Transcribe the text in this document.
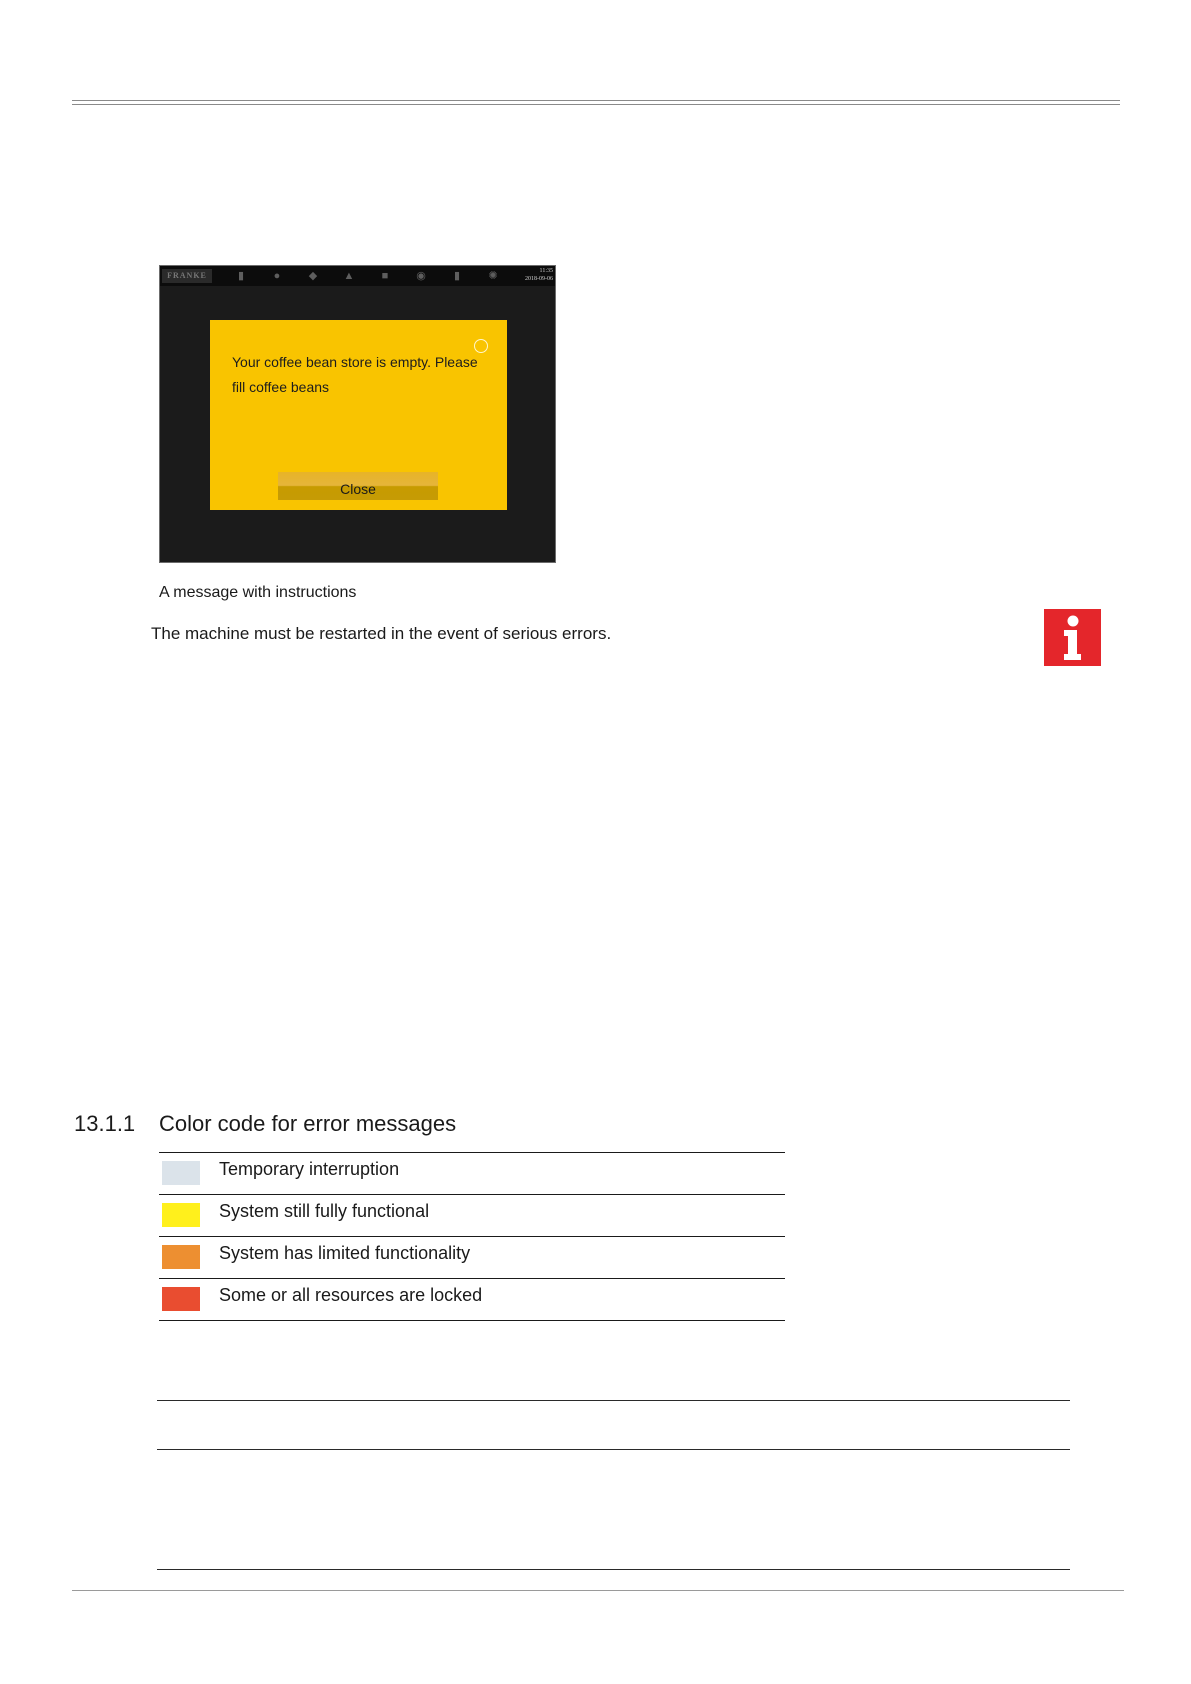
FRANKE	▮	●	◆ ▲	■	◉	▮	✺	11:35
2018-09-06
Your coffee bean store is empty. Please fill coffee beans
Close
A message with instructions
The machine must be restarted in the event of serious errors.
13.1.1 Color code for error messages
Temporary interruption
System still fully functional
System has limited functionality
Some or all resources are locked
